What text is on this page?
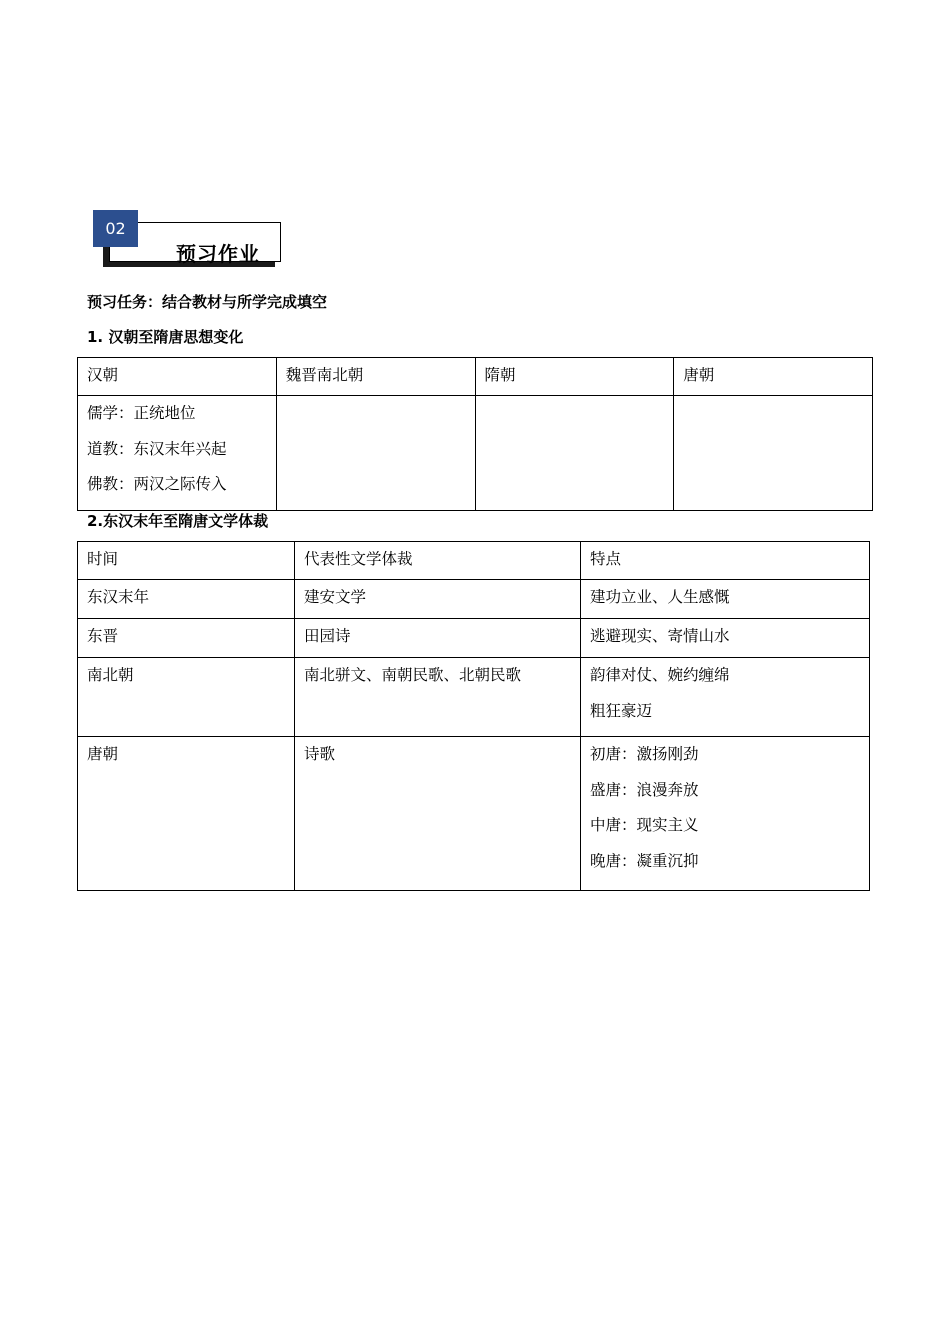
预习作业
02
预习任务：结合教材与所学完成填空
1. 汉朝至隋唐思想变化
汉朝	魏晋南北朝	隋朝	唐朝

儒学：正统地位
道教：东汉末年兴起
佛教：两汉之际传入			

2.东汉末年至隋唐文学体裁
时间	代表性文学体裁	特点
东汉末年	建安文学	建功立业、人生感慨
东晋	田园诗	逃避现实、寄情山水
南北朝	南北骈文、南朝民歌、北朝民歌	韵律对仗、婉约缠绵
粗狂豪迈

唐朝	诗歌	初唐：激扬刚劲
盛唐：浪漫奔放
中唐：现实主义
晚唐：凝重沉抑
